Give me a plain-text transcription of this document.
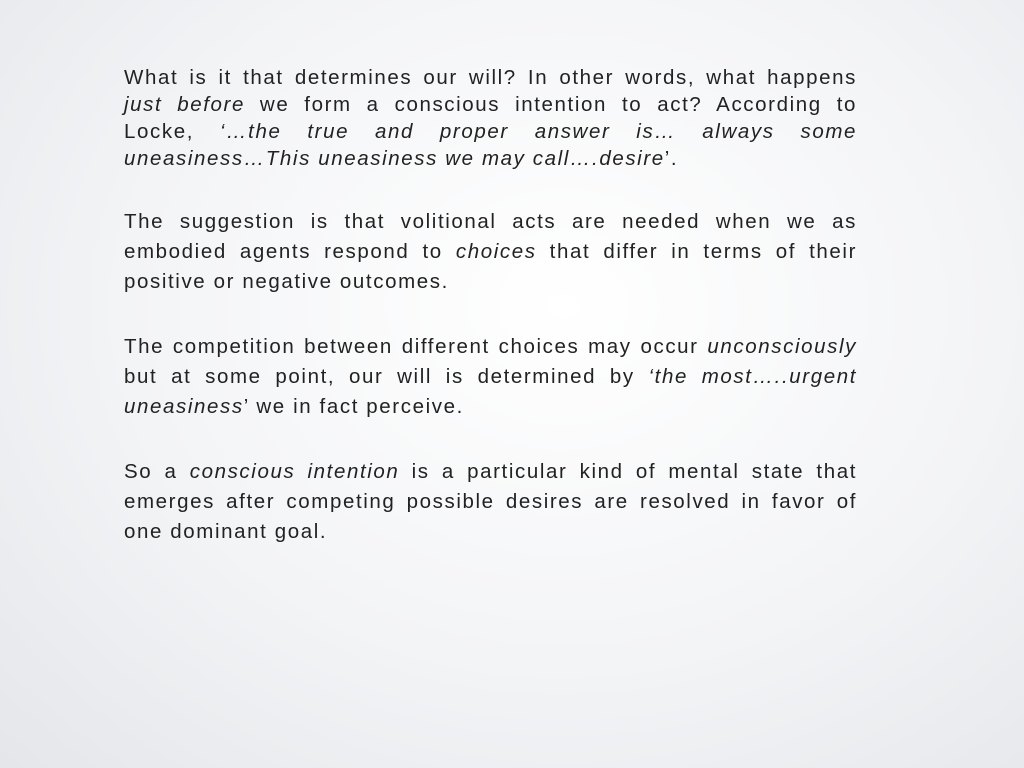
What is it that determines our will? In other words, what happens just before we form a conscious intention to act? According to Locke, ‘…the true and proper answer is… always some uneasiness…This uneasiness we may call….desire’.

The suggestion is that volitional acts are needed when we as embodied agents respond to choices that differ in terms of their positive or negative outcomes.

The competition between different choices may occur unconsciously but at some point, our will is determined by ‘the most…..urgent uneasiness’ we in fact perceive.

So a conscious intention is a particular kind of mental state that emerges after competing possible desires are resolved in favor of one dominant goal.
